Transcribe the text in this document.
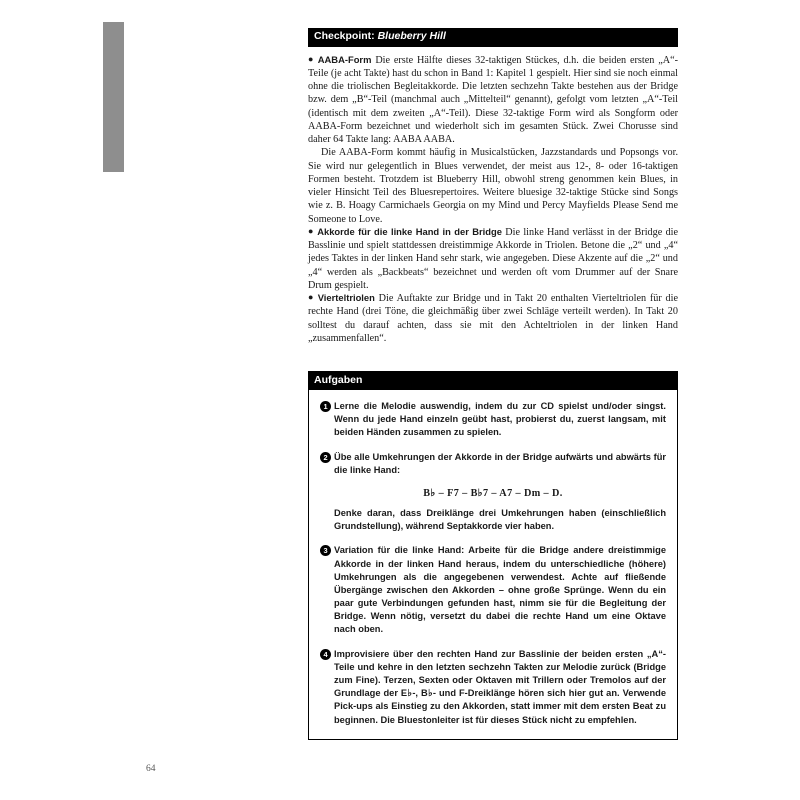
Checkpoint: Blueberry Hill

● AABA-Form Die erste Hälfte dieses 32-taktigen Stückes, d.h. die beiden ersten „A“-Teile (je acht Takte) hast du schon in Band 1: Kapitel 1 gespielt. Hier sind sie noch einmal ohne die triolischen Begleitakkorde. Die letzten sechzehn Takte bestehen aus der Bridge bzw. dem „B“-Teil (manchmal auch „Mittelteil“ genannt), gefolgt vom letzten „A“-Teil (identisch mit dem zweiten „A“-Teil). Diese 32-taktige Form wird als Songform oder AABA-Form bezeichnet und wiederholt sich im gesamten Stück. Zwei Chorusse sind daher 64 Takte lang: AABA AABA.

Die AABA-Form kommt häufig in Musicalstücken, Jazzstandards und Popsongs vor. Sie wird nur gelegentlich in Blues verwendet, der meist aus 12-, 8- oder 16-taktigen Formen besteht. Trotzdem ist Blueberry Hill, obwohl streng genommen kein Blues, in vieler Hinsicht Teil des Bluesrepertoires. Weitere bluesige 32-taktige Stücke sind Songs wie z. B. Hoagy Carmichaels Georgia on my Mind und Percy Mayfields Please Send me Someone to Love.

● Akkorde für die linke Hand in der Bridge Die linke Hand verlässt in der Bridge die Basslinie und spielt stattdessen dreistimmige Akkorde in Triolen. Betone die „2“ und „4“ jedes Taktes in der linken Hand sehr stark, wie angegeben. Diese Akzente auf die „2“ und „4“ werden als „Backbeats“ bezeichnet und werden oft vom Drummer auf der Snare Drum gespielt.

● Vierteltriolen Die Auftakte zur Bridge und in Takt 20 enthalten Vierteltriolen für die rechte Hand (drei Töne, die gleichmäßig über zwei Schläge verteilt werden). In Takt 20 solltest du darauf achten, dass sie mit den Achteltriolen in der linken Hand „zusammenfallen“.

Aufgaben

1 Lerne die Melodie auswendig, indem du zur CD spielst und/oder singst. Wenn du jede Hand einzeln geübt hast, probierst du, zuerst langsam, mit beiden Händen zusammen zu spielen.

2 Übe alle Umkehrungen der Akkorde in der Bridge aufwärts und abwärts für die linke Hand:

B♭ – F7 – B♭7 – A7 – Dm – D.

Denke daran, dass Dreiklänge drei Umkehrungen haben (einschließlich Grundstellung), während Septakkorde vier haben.

3 Variation für die linke Hand: Arbeite für die Bridge andere dreistimmige Akkorde in der linken Hand heraus, indem du unterschiedliche (höhere) Umkehrungen als die angegebenen verwendest. Achte auf fließende Übergänge zwischen den Akkorden – ohne große Sprünge. Wenn du ein paar gute Verbindungen gefunden hast, nimm sie für die Begleitung der Bridge. Wenn nötig, versetzt du dabei die rechte Hand um eine Oktave nach oben.

4 Improvisiere über den rechten Hand zur Basslinie der beiden ersten „A“-Teile und kehre in den letzten sechzehn Takten zur Melodie zurück (Bridge zum Fine). Terzen, Sexten oder Oktaven mit Trillern oder Tremolos auf der Grundlage der E♭-, B♭- und F-Dreiklänge hören sich hier gut an. Verwende Pick-ups als Einstieg zu den Akkorden, statt immer mit dem ersten Beat zu beginnen. Die Bluestonleiter ist für dieses Stück nicht zu empfehlen.

64
